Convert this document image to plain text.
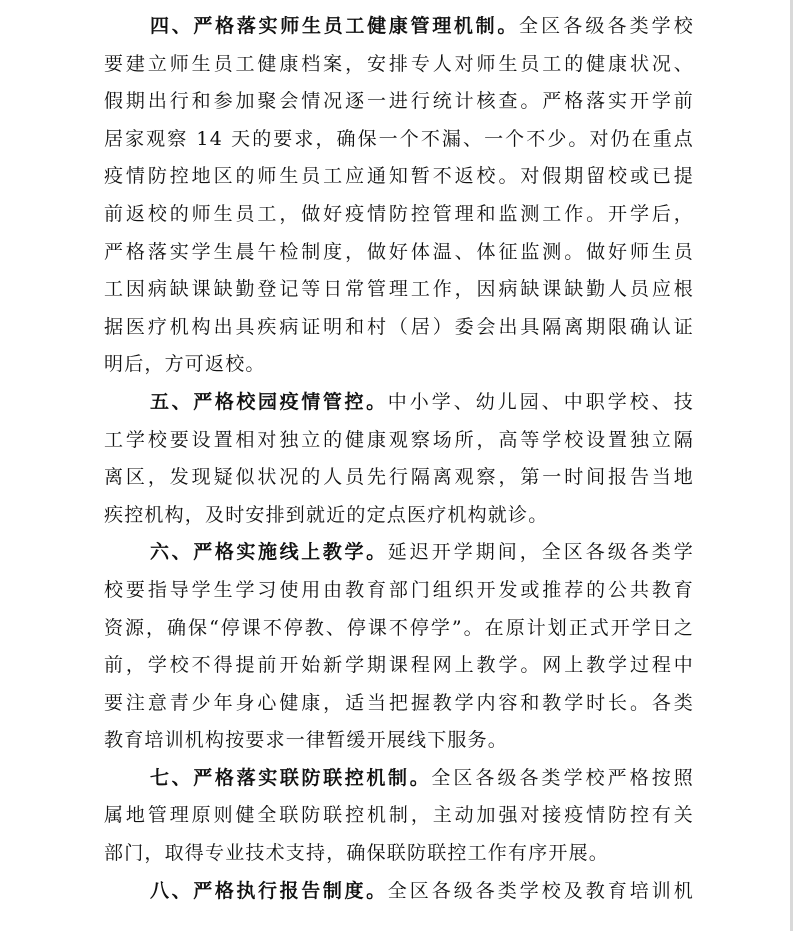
四、严格落实师生员工健康管理机制。全区各级各类学校
要建立师生员工健康档案，安排专人对师生员工的健康状况、
假期出行和参加聚会情况逐一进行统计核查。严格落实开学前
居家观察 14 天的要求，确保一个不漏、一个不少。对仍在重点
疫情防控地区的师生员工应通知暂不返校。对假期留校或已提
前返校的师生员工，做好疫情防控管理和监测工作。开学后，
严格落实学生晨午检制度，做好体温、体征监测。做好师生员
工因病缺课缺勤登记等日常管理工作，因病缺课缺勤人员应根
据医疗机构出具疾病证明和村（居）委会出具隔离期限确认证
明后，方可返校。

五、严格校园疫情管控。中小学、幼儿园、中职学校、技
工学校要设置相对独立的健康观察场所，高等学校设置独立隔
离区，发现疑似状况的人员先行隔离观察，第一时间报告当地
疾控机构，及时安排到就近的定点医疗机构就诊。

六、严格实施线上教学。延迟开学期间，全区各级各类学
校要指导学生学习使用由教育部门组织开发或推荐的公共教育
资源，确保“停课不停教、停课不停学”。在原计划正式开学日之
前，学校不得提前开始新学期课程网上教学。网上教学过程中
要注意青少年身心健康，适当把握教学内容和教学时长。各类
教育培训机构按要求一律暂缓开展线下服务。

七、严格落实联防联控机制。全区各级各类学校严格按照
属地管理原则健全联防联控机制，主动加强对接疫情防控有关
部门，取得专业技术支持，确保联防联控工作有序开展。

八、严格执行报告制度。全区各级各类学校及教育培训机
